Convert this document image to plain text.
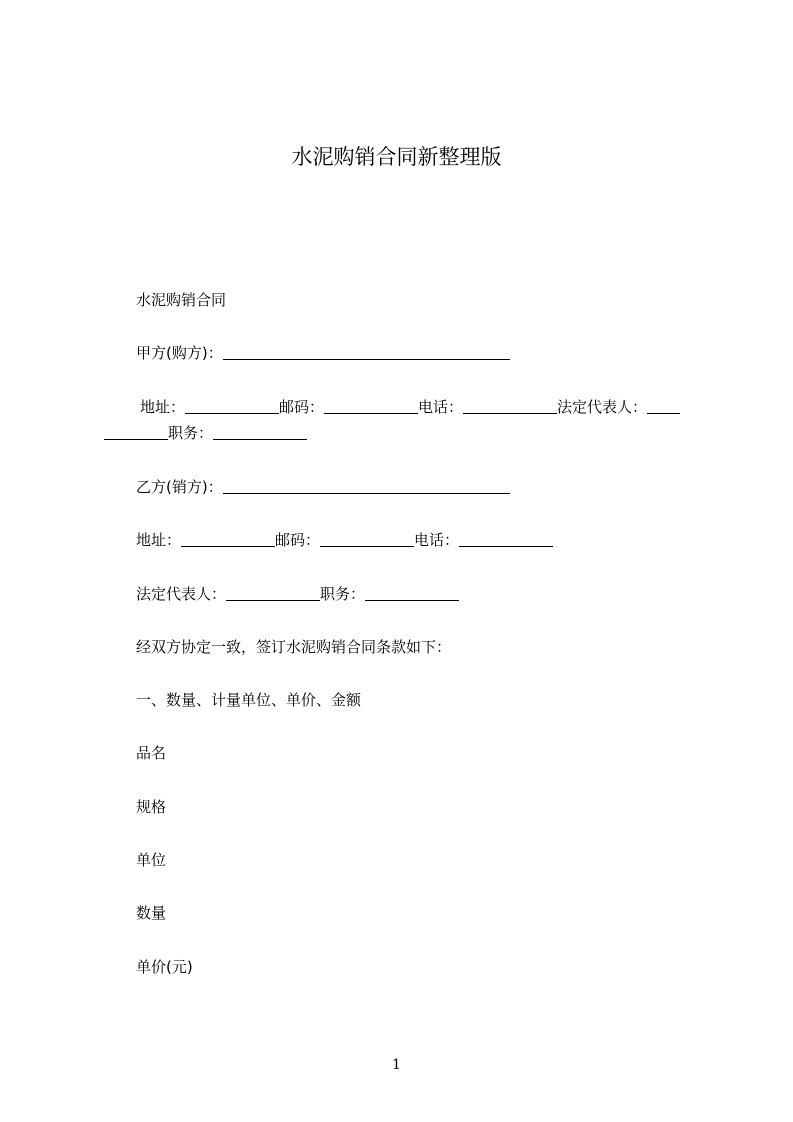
水泥购销合同新整理版
水泥购销合同
甲方(购方)：
地址：	邮码：	电话：	法定代表人：
职务：
乙方(销方)：
地址：	邮码：	电话：
法定代表人：	职务：
经双方协定一致，签订水泥购销合同条款如下：
一、数量、计量单位、单价、金额
品名
规格
单位
数量
单价(元)
1
